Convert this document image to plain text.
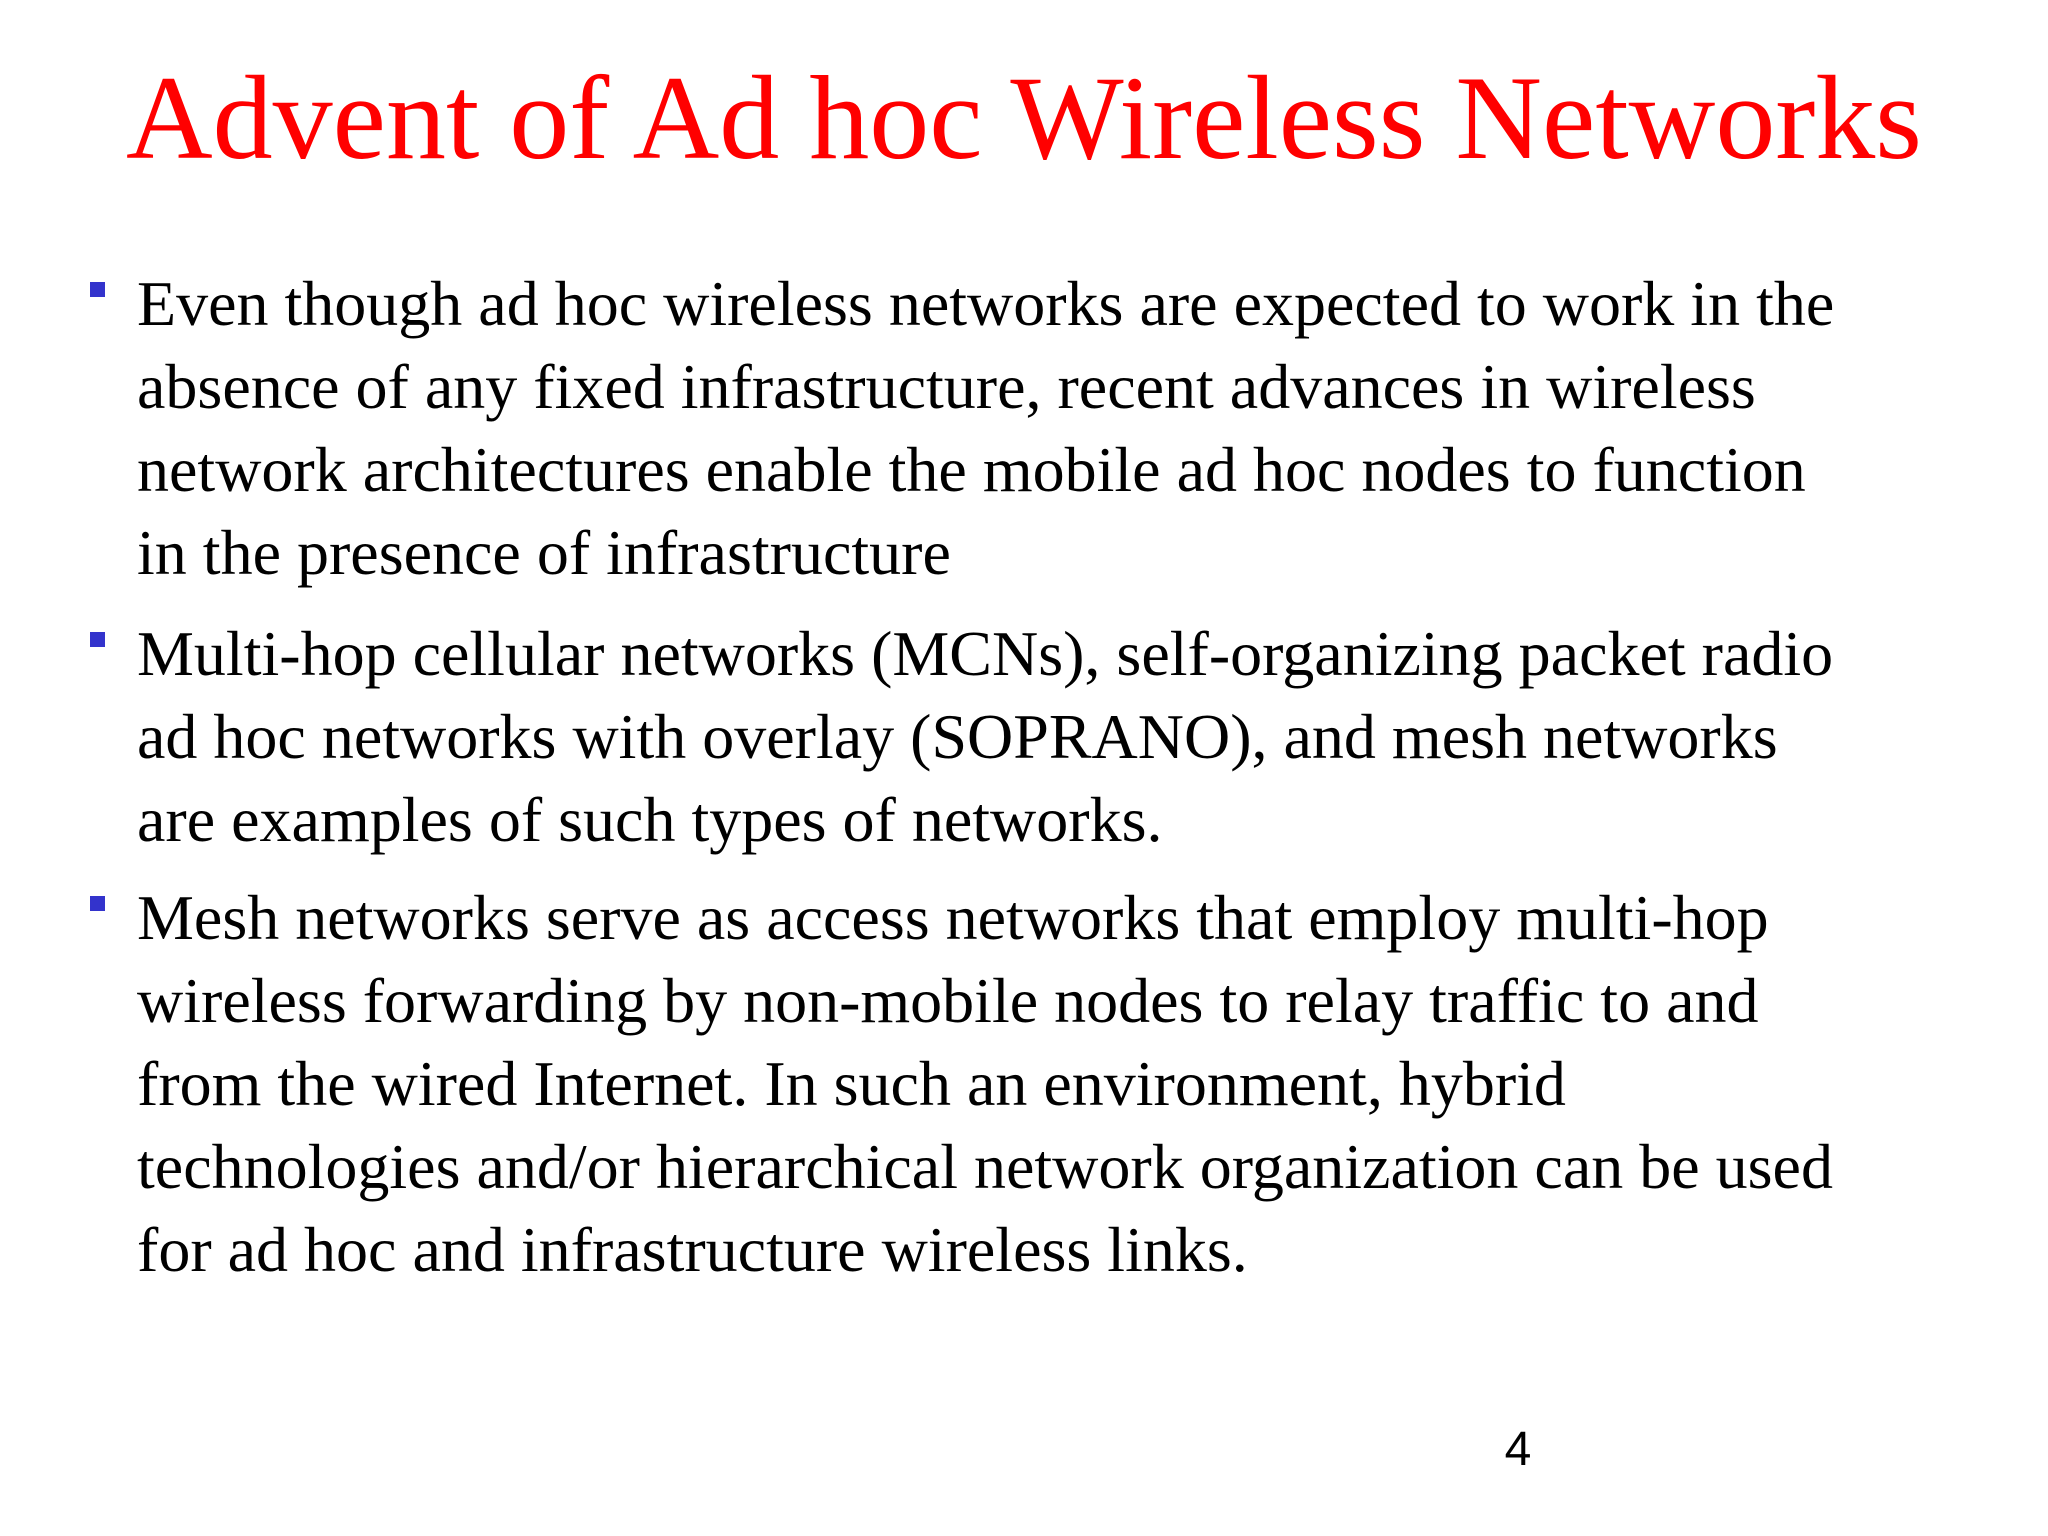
Advent of Ad hoc Wireless Networks
Even though ad hoc wireless networks are expected to work in the
absence of any fixed infrastructure, recent advances in wireless
network architectures enable the mobile ad hoc nodes to function
in the presence of infrastructure
Multi-hop cellular networks (MCNs), self-organizing packet radio
ad hoc networks with overlay (SOPRANO), and mesh networks
are examples of such types of networks.
Mesh networks serve as access networks that employ multi-hop
wireless forwarding by non-mobile nodes to relay traffic to and
from the wired Internet. In such an environment, hybrid
technologies and/or hierarchical network organization can be used
for ad hoc and infrastructure wireless links.
4
